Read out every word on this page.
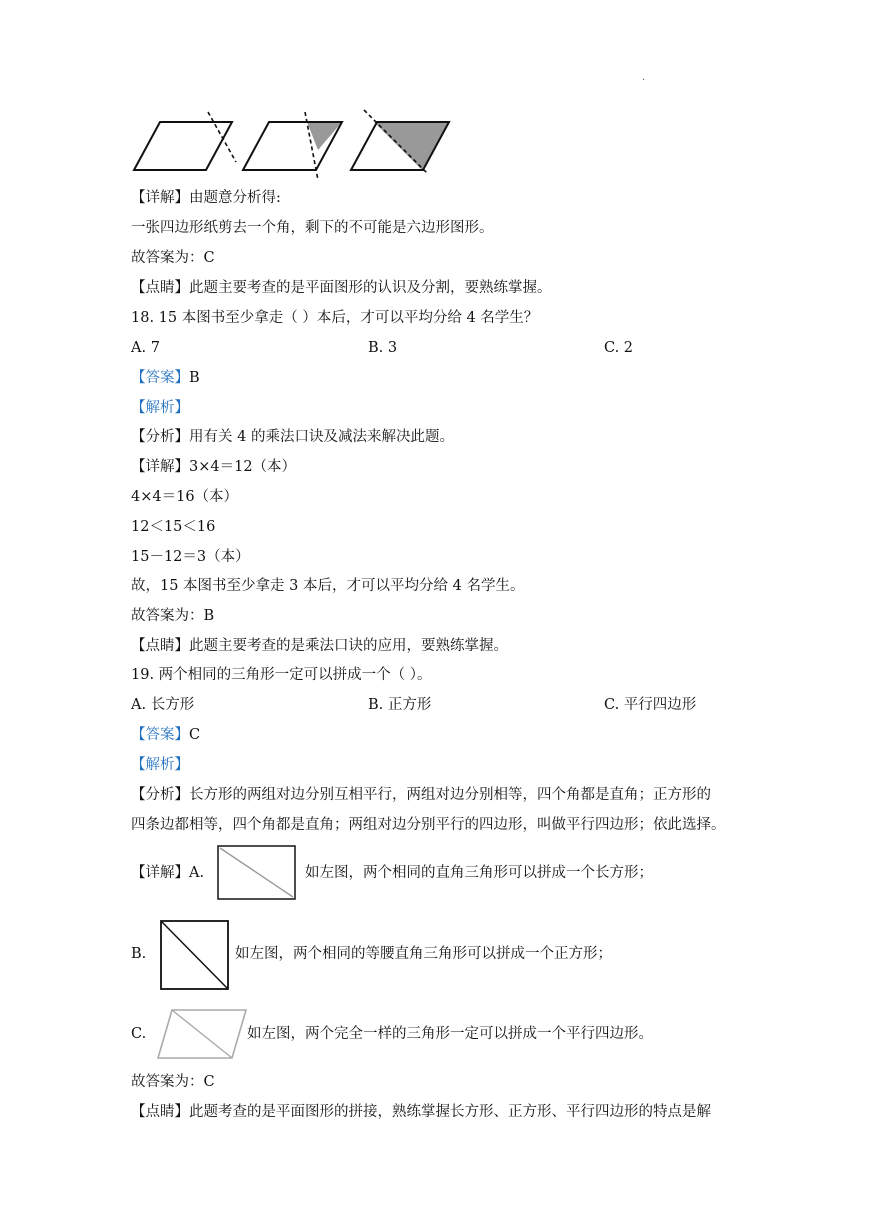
.
【详解】由题意分析得:
一张四边形纸剪去一个角，剩下的不可能是六边形图形。
故答案为：C
【点睛】此题主要考查的是平面图形的认识及分割，要熟练掌握。
18. 15 本图书至少拿走（ ）本后，才可以平均分给 4 名学生？
A. 7	B. 3	C. 2
【答案】B
【解析】
【分析】用有关 4 的乘法口诀及减法来解决此题。
【详解】3×4＝12（本）
4×4＝16（本）
12＜15＜16
15－12＝3（本）
故，15 本图书至少拿走 3 本后，才可以平均分给 4 名学生。
故答案为：B
【点睛】此题主要考查的是乘法口诀的应用，要熟练掌握。
19. 两个相同的三角形一定可以拼成一个（ ）。
A. 长方形	B. 正方形	C. 平行四边形
【答案】C
【解析】
【分析】长方形的两组对边分别互相平行，两组对边分别相等，四个角都是直角；正方形的
四条边都相等，四个角都是直角；两组对边分别平行的四边形，叫做平行四边形；依此选择。
【详解】A.	如左图，两个相同的直角三角形可以拼成一个长方形；
B.	如左图，两个相同的等腰直角三角形可以拼成一个正方形；
C.	如左图，两个完全一样的三角形一定可以拼成一个平行四边形。
故答案为：C
【点睛】此题考查的是平面图形的拼接，熟练掌握长方形、正方形、平行四边形的特点是解
